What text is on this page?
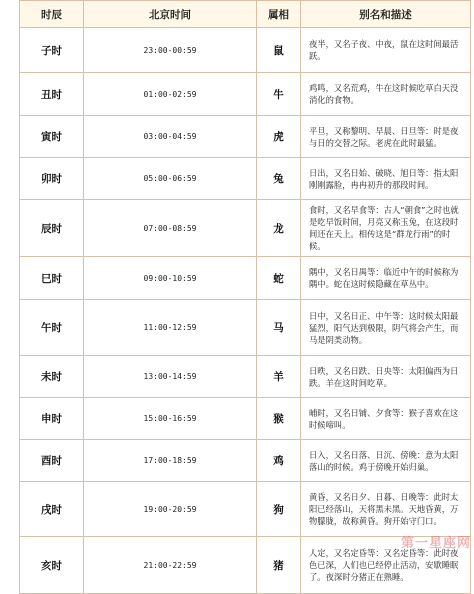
时辰	北京时间	属相	别名和描述
子时	23:00-00:59	鼠	夜半，又名子夜、中夜，鼠在这时间最活跃。
丑时	01:00-02:59	牛	鸡鸣，又名荒鸡，牛在这时候吃草白天没消化的食物。
寅时	03:00-04:59	虎	平旦，又称黎明、早晨、日旦等：时是夜与日的交替之际。老虎在此时最猛。
卯时	05:00-06:59	兔	日出，又名日始、破晓、旭日等：指太阳刚刚露脸，冉冉初升的那段时间。
辰时	07:00-08:59	龙	食时，又名早食等：古人“朝食”之时也就是吃早饭时间，月亮又称玉兔，在这段时间还在天上。相传这是“群龙行雨”的时候。
巳时	09:00-10:59	蛇	隅中，又名日禺等：临近中午的时候称为隅中。蛇在这时候隐藏在草丛中。
午时	11:00-12:59	马	日中，又名日正、中午等：这时候太阳最猛烈，阳气达到极限，阴气将会产生，而马是阴类动物。
未时	13:00-14:59	羊	日昳，又名日跌、日央等：太阳偏西为日跌。羊在这时间吃草。
申时	15:00-16:59	猴	晡时，又名日铺、夕食等：猴子喜欢在这时候啼叫。
酉时	17:00-18:59	鸡	日入，又名日落、日沉、傍晚：意为太阳落山的时候。鸡于傍晚开始归巢。
戌时	19:00-20:59	狗	黄昏，又名日夕、日暮、日晚等：此时太阳已经落山，天将黑未黑。天地昏黄，万物朦胧，故称黄昏。狗开始守门口。
亥时	21:00-22:59	猪	人定，又名定昏等：又名定昏等：此时夜色已深，人们也已经停止活动，安歇睡眠了。夜深时分猪正在熟睡。
第一星座网
